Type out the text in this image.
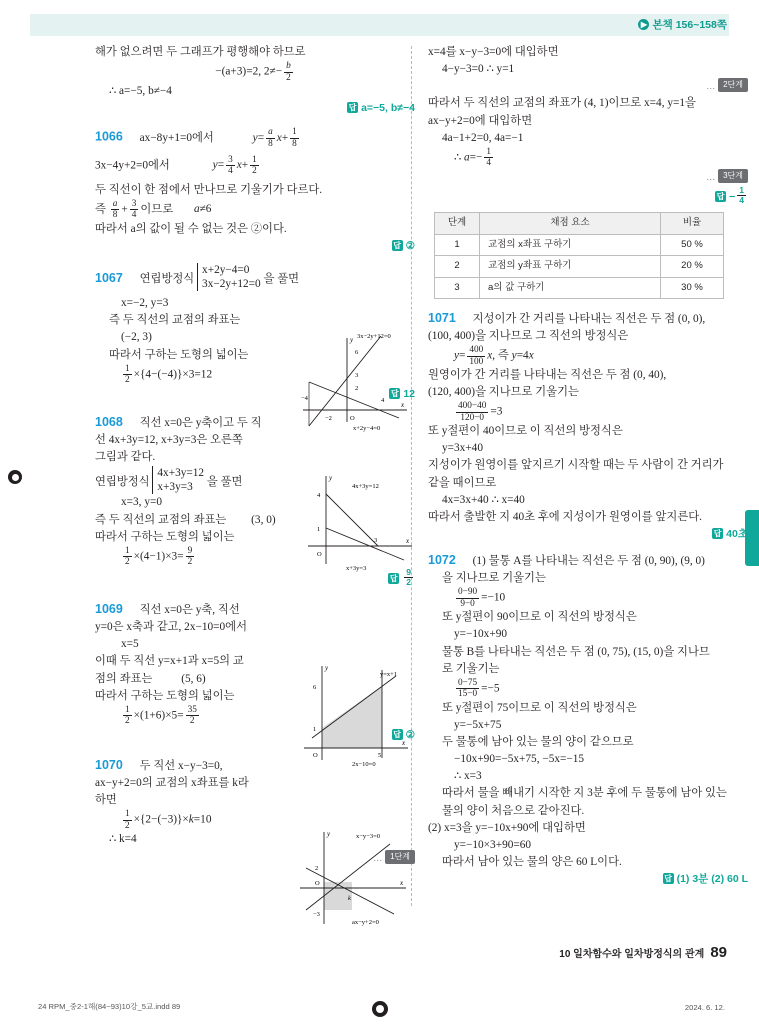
▶ 본책 156~158쪽
해가 없으려면 두 그래프가 평행해야 하므로
−(a+3)=2, $2\ne- \frac{b}{2}$
∴ a=−5, b≠−4
답 a=−5, b≠−4
1066 ax−8y+1=0에서	$y= \frac{a}{8} x+ \frac{1}{8}$
3x−4y+2=0에서	$y= \frac{3}{4} x+ \frac{1}{2}$
두 직선이 한 점에서 만나므로 기울기가 다르다.
즉 $\frac{a}{8} + \frac{3}{4}$ 이므로 a≠6
따라서 a의 값이 될 수 없는 것은 ②이다.
답 ②
1067 연립방정식
x+2y−4=0
3x−2y+12=0 을 풀면
x=−2, y=3
즉 두 직선의 교점의 좌표는
(−2, 3)
따라서 구하는 도형의 넓이는
$\frac{1}{2} \times\{4-(-4)\}\times 3=12$
답 12
1068 직선 x=0은 y축이고 두 직
선 4x+3y=12, x+3y=3은 오른쪽
그림과 같다.
연립방정식
4x+3y=12
x+3y=3	을 풀면
x=3, y=0
즉 두 직선의 교점의 좌표는 (3, 0)
따라서 구하는 도형의 넓이는
$\frac{1}{2} \times(4-1)\times 3= \frac{9}{2}$
답 $\frac{9}{2}$
1069 직선 x=0은 y축, 직선
y=0은 x축과 같고, 2x−10=0에서
x=5
이때 두 직선 y=x+1과 x=5의 교
점의 좌표는	(5, 6)
따라서 구하는 도형의 넓이는
$\frac{1}{2} \times(1+6)\times 5= \frac{35}{2}$
답 ②
1070 두 직선 x−y−3=0,
ax−y+2=0의 교점의 x좌표를 k라
하면
$\frac{1}{2} \times\{2-(-3)\}\times k=10$
∴ k=4
… 1단계
y
x
6
3
2
4
−4
−2	O
3x−2y+12=0
x+2y−4=0
y
x
4
1
3
O
4x+3y=12
x+3y=3
y
x
6
1
5
O
y=x+1
2x−10=0
y
x
2
−3
k
O
x−y−3=0
ax−y+2=0
x=4를 x−y−3=0에 대입하면
4−y−3=0 ∴ y=1
… 2단계
따라서 두 직선의 교점의 좌표가 (4, 1)이므로 x=4, y=1을
ax−y+2=0에 대입하면
4a−1+2=0, 4a=−1
∴ $a=- \frac{1}{4}$
… 3단계
답 − $\frac{1}{4}$
단계	채점 요소	비율
1	교점의 x좌표 구하기	50 %
2	교점의 y좌표 구하기	20 %
3	a의 값 구하기	30 %
1071 지성이가 간 거리를 나타내는 직선은 두 점 (0, 0),
(100, 400)을 지나므로 그 직선의 방정식은
$y= \frac{400}{100} x$, 즉 y=4x
원영이가 간 거리를 나타내는 직선은 두 점 (0, 40),
(120, 400)을 지나므로 기울기는
$\frac{400-40}{120-0} =3$
또 y절편이 40이므로 이 직선의 방정식은
y=3x+40
지성이가 원영이를 앞지르기 시작할 때는 두 사람이 간 거리가
같을 때이므로
4x=3x+40 ∴ x=40
따라서 출발한 지 40초 후에 지성이가 원영이를 앞지른다.
답 40초
1072 (1) 물통 A를 나타내는 직선은 두 점 (0, 90), (9, 0)
을 지나므로 기울기는
$\frac{0-90}{9-0} =-10$
또 y절편이 90이므로 이 직선의 방정식은
y=−10x+90
물통 B를 나타내는 직선은 두 점 (0, 75), (15, 0)을 지나므
로 기울기는
$\frac{0-75}{15-0} =-5$
또 y절편이 75이므로 이 직선의 방정식은
y=−5x+75
두 물통에 남아 있는 물의 양이 같으므로
−10x+90=−5x+75, −5x=−15
∴ x=3
따라서 물을 빼내기 시작한 지 3분 후에 두 물통에 남아 있는
물의 양이 처음으로 같아진다.
(2) x=3을 y=−10x+90에 대입하면
y=−10×3+90=60
따라서 남아 있는 물의 양은 60 L이다.
답 (1) 3분 (2) 60 L
10 일차함수와 일차방정식의 관계 89
24 RPM_중2-1해(84~93)10강_5교.indd 89	2024. 6. 12.
